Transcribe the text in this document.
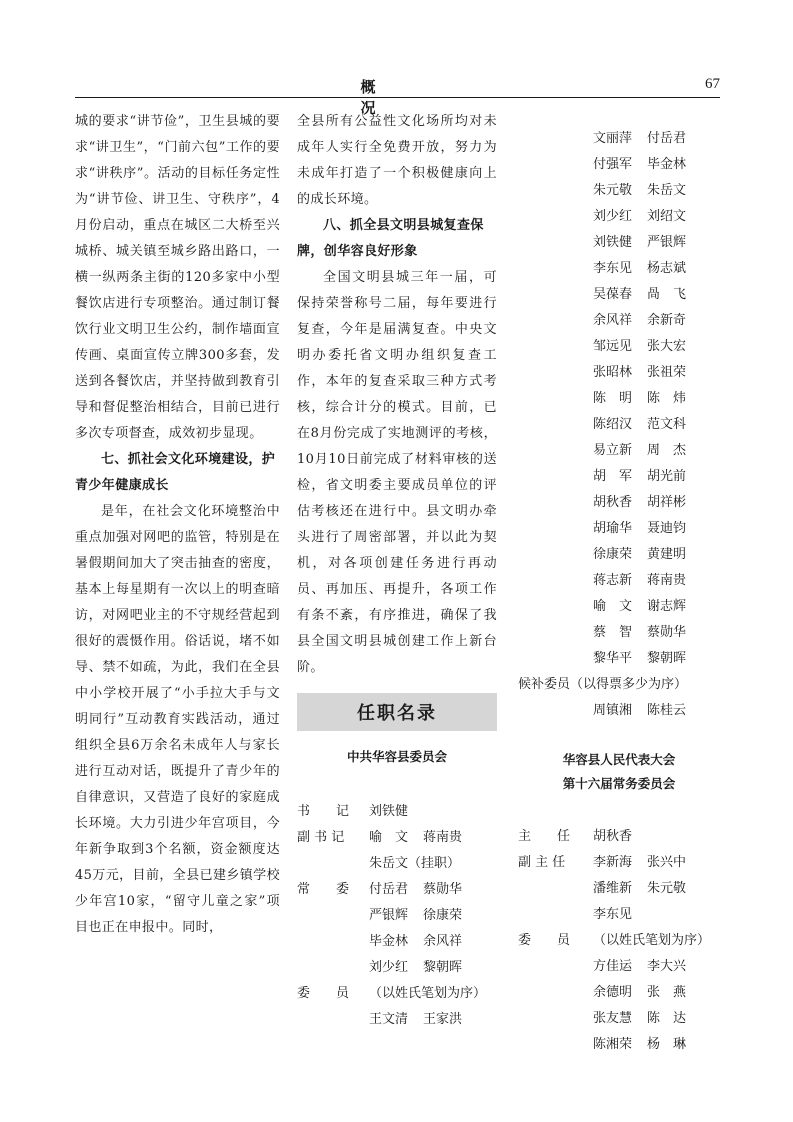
概 况
67

城的要求“讲节俭”，卫生县城的要求“讲卫生”，“门前六包”工作的要求“讲秩序”。活动的目标任务定性为“讲节俭、讲卫生、守秩序”，4月份启动，重点在城区二大桥至兴城桥、城关镇至城乡路出路口，一横一纵两条主街的120多家中小型餐饮店进行专项整治。通过制订餐饮行业文明卫生公约，制作墙面宣传画、桌面宣传立牌300多套，发送到各餐饮店，并坚持做到教育引导和督促整治相结合，目前已进行多次专项督查，成效初步显现。

七、抓社会文化环境建设，护青少年健康成长

是年，在社会文化环境整治中重点加强对网吧的监管，特别是在暑假期间加大了突击抽查的密度，基本上每星期有一次以上的明查暗访，对网吧业主的不守规经营起到很好的震慑作用。俗话说，堵不如导、禁不如疏，为此，我们在全县中小学校开展了“小手拉大手与文明同行”互动教育实践活动，通过组织全县6万余名未成年人与家长进行互动对话，既提升了青少年的自律意识，又营造了良好的家庭成长环境。大力引进少年宫项目，今年新争取到3个名额，资金额度达45万元，目前，全县已建乡镇学校少年宫10家，“留守儿童之家”项目也正在申报中。同时，

全县所有公益性文化场所均对未成年人实行全免费开放，努力为未成年打造了一个积极健康向上的成长环境。

八、抓全县文明县城复查保牌，创华容良好形象

全国文明县城三年一届，可保持荣誉称号二届，每年要进行复查，今年是届满复查。中央文明办委托省文明办组织复查工作，本年的复查采取三种方式考核，综合计分的模式。目前，已在8月份完成了实地测评的考核，10月10日前完成了材料审核的送检，省文明委主要成员单位的评估考核还在进行中。县文明办牵头进行了周密部署，并以此为契机，对各项创建任务进行再动员、再加压、再提升，各项工作有条不紊，有序推进，确保了我县全国文明县城创建工作上新台阶。

任职名录

中共华容县委员会

书　　记	刘铁健
副 书 记	喻　文 蒋南贵
朱岳文（挂职）
常　　委	付岳君 蔡勋华
严银辉 徐康荣
毕金林 余风祥
刘少红 黎朝晖
委　　员	（以姓氏笔划为序）
王文清 王家洪
文丽萍 付岳君
付强军 毕金林
朱元敬 朱岳文
刘少红 刘绍文
刘铁健 严银辉
李东见 杨志斌
吴葆春 咼　飞
余风祥 余新奇
邹远见 张大宏
张昭林 张祖荣
陈　明 陈　炜
陈绍汉 范文科
易立新 周　杰
胡　军 胡光前
胡秋香 胡祥彬
胡瑜华 聂迪钧
徐康荣 黄建明
蒋志新 蒋南贵
喻　文 谢志辉
蔡　智 蔡勋华
黎华平 黎朝晖
候补委员（以得票多少为序）
周镇湘 陈桂云

华容县人民代表大会

第十六届常务委员会

主　　任	胡秋香
副 主 任	李新海 张兴中
潘维新 朱元敬
李东见
委　　员	（以姓氏笔划为序）
方佳运 李大兴
余德明 张　燕
张友慧 陈　达
陈湘荣 杨　琳
